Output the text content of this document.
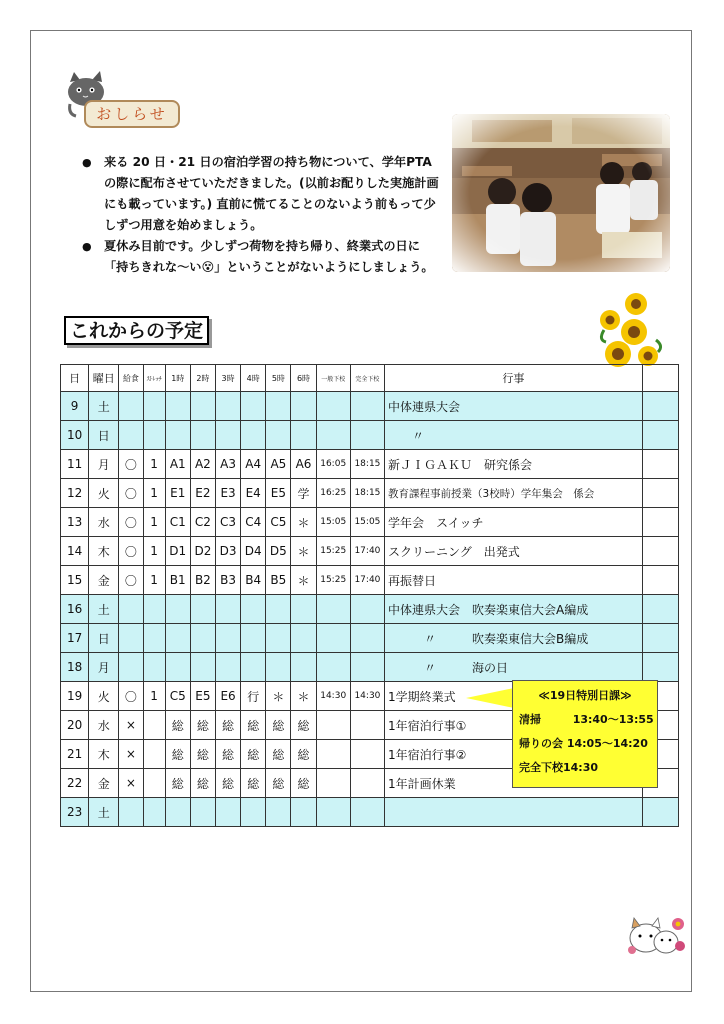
おしらせ
● 来る 20 日・21 日の宿泊学習の持ち物について、学年PTA の際に配布させていただきました。(以前お配りした実施計画にも載っています。) 直前に慌てることのないよう前もって少しずつ用意を始めましょう。
● 夏休み目前です。少しずつ荷物を持ち帰り、終業式の日に「持ちきれな〜い😵」ということがないようにしましょう。
これからの予定
日	曜日	給食	ｽﾄﾚｯﾁ	1時	2時	3時	4時	5時	6時	一般下校	完全下校	行事	
9	土											中体連県大会	
10	日											　　〃	
11	月	〇	1	A1	A2	A3	A4	A5	A6	16:05	18:15	新ＪＩＧＡＫＵ　研究係会	
12	火	〇	1	E1	E2	E3	E4	E5	学	16:25	18:15	教育課程事前授業（3校時）学年集会　係会	
13	水	〇	1	C1	C2	C3	C4	C5	＊	15:05	15:05	学年会　スイッチ	
14	木	〇	1	D1	D2	D3	D4	D5	＊	15:25	17:40	スクリーニング　出発式	
15	金	〇	1	B1	B2	B3	B4	B5	＊	15:25	17:40	再振替日	
16	土											中体連県大会　吹奏楽東信大会A編成	
17	日											　　　〃　　　吹奏楽東信大会B編成	
18	月											　　　〃　　　海の日	
19	火	〇	1	C5	E5	E6	行	＊	＊	14:30	14:30	1学期終業式	
20	水	×		総	総	総	総	総	総			1年宿泊行事①	
21	木	×		総	総	総	総	総	総			1年宿泊行事②	
22	金	×		総	総	総	総	総	総			1年計画休業	
23	土												
≪19日特別日課≫
清掃	13:40〜13:55
帰りの会 14:05〜14:20
完全下校14:30
